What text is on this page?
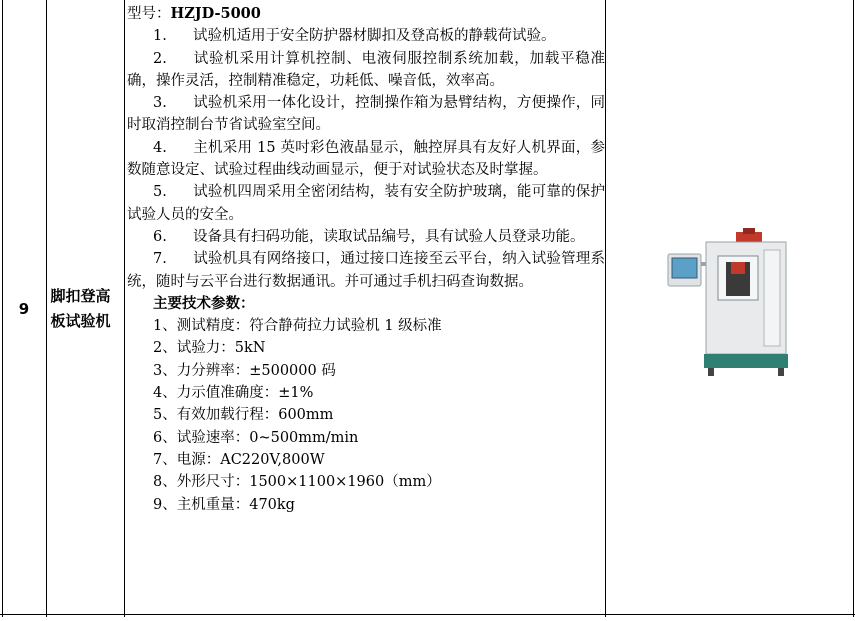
9
脚扣登高板试验机
型号：HZJD-5000
1. 试验机适用于安全防护器材脚扣及登高板的静载荷试验。
2. 试验机采用计算机控制、电液伺服控制系统加载，加载平稳准确，操作灵活，控制精准稳定，功耗低、噪音低，效率高。
3. 试验机采用一体化设计，控制操作箱为悬臂结构，方便操作，同时取消控制台节省试验室空间。
4. 主机采用 15 英吋彩色液晶显示，触控屏具有友好人机界面，参数随意设定、试验过程曲线动画显示，便于对试验状态及时掌握。
5. 试验机四周采用全密闭结构，装有安全防护玻璃，能可靠的保护试验人员的安全。
6. 设备具有扫码功能，读取试品编号，具有试验人员登录功能。
7. 试验机具有网络接口，通过接口连接至云平台，纳入试验管理系统，随时与云平台进行数据通讯。并可通过手机扫码查询数据。
主要技术参数：
1、测试精度：符合静荷拉力试验机 1 级标准
2、试验力：5kN
3、力分辨率：±500000 码
4、力示值准确度：±1%
5、有效加载行程：600mm
6、试验速率：0~500mm/min
7、电源：AC220V,800W
8、外形尺寸：1500×1100×1960（mm）
9、主机重量：470kg
